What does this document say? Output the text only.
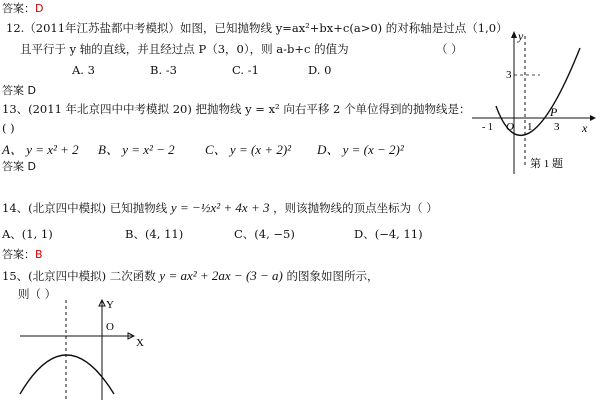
答案：D
12.（2011年江苏盐都中考模拟）如图，已知抛物线 y=ax²+bx+c(a>0) 的对称轴是过点（1,0）
且平行于 y 轴的直线，并且经过点 P（3，0），则 a-b+c 的值为	（ ）
A. 3	B. -3	C. -1	D. 0
答案 D
13、(2011 年北京四中中考模拟 20) 把抛物线 y = x² 向右平移 2 个单位得到的抛物线是：
( )
A、 y = x² + 2 B、 y = x² − 2 C、 y = (x + 2)² D、 y = (x − 2)²
答案 D
14、(北京四中模拟) 已知抛物线 y = −½x² + 4x + 3 ，则该抛物线的顶点坐标为（ ）
A、(1, 1)	B、(4, 11)	C、(4, −5)	D、(−4, 11)
答案：B
15、(北京四中模拟) 二次函数 y = ax² + 2ax − (3 − a) 的图象如图所示，
则（ ）
y
x
3
- 1 O 1 3
P
第 1 题
Y
X
O
